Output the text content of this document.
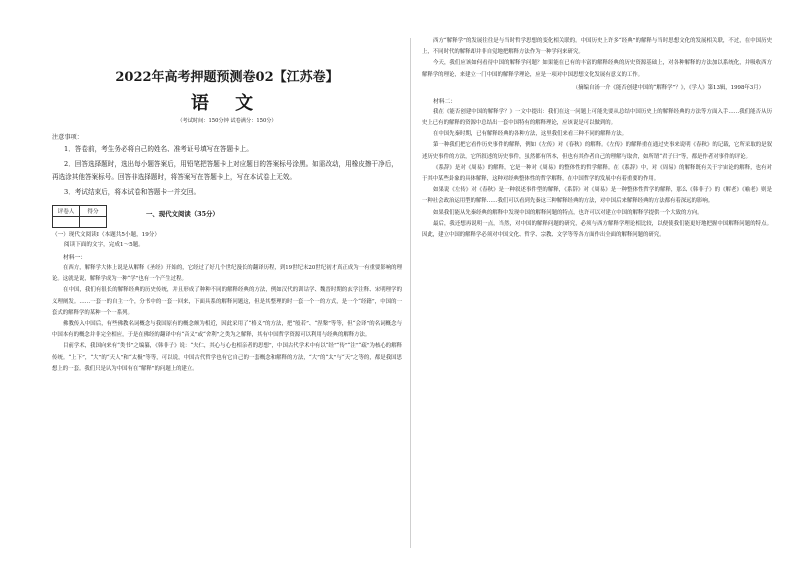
2022年高考押题预测卷02【江苏卷】
语 文
（考试时间：150分钟 试卷满分：150分）
注意事项：
1．答卷前，考生务必将自己的姓名、准考证号填写在答题卡上。
2．回答选择题时，选出每小题答案后，用铅笔把答题卡上对应题目的答案标号涂黑。如需改动，用橡皮擦干净后，再选涂其他答案标号。回答非选择题时，将答案写在答题卡上，写在本试卷上无效。
3．考试结束后，将本试卷和答题卡一并交回。
评卷人	得分
		一、现代文阅读（35分）
（一）现代文阅读Ⅰ（本题共5小题，19分）
阅读下面的文字，完成1～5题。
材料一：

在西方，解释学大体上说是从解释《圣经》开始的，它经过了好几个世纪漫长的翻译历程，到19世纪末20世纪初才真正成为一有重要影响的理论。这就是说，解释学成为一种“学”也有一个产生过程。

在中国，我们有很长的解释经典的历史传统，并且形成了种种不同的解释经典的方法，例如汉代的训诂学、魏晋时期的玄学注释、宋明理学的义理阐发。……一套一的自主一个，分书中的一套一回来，下面具系的解释问题这，但是其整理的时一套一个一的方式，是一个“经籍”，中国的一套式的解释学的某种一个一系列。

佛教传入中国后，有些佛教名词概念与我国原有的概念颇为相近，因此采用了“格义”的方法，把“般若”、“涅槃”等等，但“会译”的名词概念与中国本有的概念并非完全相应，于是在佛经的翻译中有“音义”或“舍利”之类为之解释，其有中国哲学资源可以利用与经典的解释方法。

目前学术，我国向来有“类书”之编纂，《韩非子》说：“夫仁，其心与心也相亲者的思想”，中国古代学术中有以“经”“传”“注”“疏”为核心的解释传统。“上下”，“大”的“天人”和“太极”等等，可以说，中国古代哲学也有它自己的一套概念和解释的方法，“大”的“太”与“天”之等的，都是我国思想上的一套。我们只是认为中国有在“解释”的问题上的建立。

西方“解释学”的发展往往是与当时哲学思想的变化相关联的。中国历史上许多“经典”的解释与当时思想文化的发展相关联，不过，在中国历史上，不同时代的解释却并非自觉地把解释方法作为一种学问来研究。

今天，我们应该如何看待中国的解释学问题？如果能在已有的丰富的解释经典的历史资源基础上，对各种解释的方法加以系统化，并吸收西方解释学的理论，来建立一门中国的解释学理论，应是一项对中国思想文化发展有意义的工作。

（摘编自汤一介《能否创建中国的“解释学”？》，《学人》第13辑，1998年3月）
材料二：

我在《能否创建中国的解释学？》一文中提出：我们在这一问题上可能先要从总结中国历史上的解释经典的方法等方面入手……我们能否从历史上已有的解释的资源中总结出一套中国特有的解释理论，应该说是可以做到的。

在中国先秦时期，已有解释经典的各种方法，这里我们来看三种不同的解释方法。

第一种我们把它看作历史事件的解释，例如《左传》对《春秋》的解释。《左传》的解释重在通过史事来说明《春秋》的记载，它所采取的是叙述历史事件的方法，它所叙述的历史事件，虽然都有所本，但也有其作者自己的理解与取舍，如所谓“君子曰”等，都是作者对事件的评论。

《系辞》是对《周易》的解释，它是一种对《周易》的整体性的哲学解释。在《系辞》中，对《周易》的解释既有关于宇宙论的解释，也有对于其中某些卦象的具体解释，这种对经典整体性的哲学解释，在中国哲学的发展中有着重要的作用。

如果说《左传》对《春秋》是一种叙述事件型的解释，《系辞》对《周易》是一种整体性哲学的解释，那么《韩非子》的《解老》《喻老》则是一种社会政治运用型的解释……我们可以看到先秦这三种解释经典的方法，对中国后来解释经典的方法都有着深远的影响。

如果我们能从先秦经典的解释中发现中国的解释问题的特点，也许可以对建立中国的解释学提供一个大致的方向。

最后，我还想再说明一点，当然，对中国的解释问题的研究，必须与西方解释学理论相比较，以便使我们能更好地把握中国解释问题的特点。因此，建立中国的解释学必须对中国文化、哲学、宗教、文学等等各方面作出全面的解释问题的研究。
